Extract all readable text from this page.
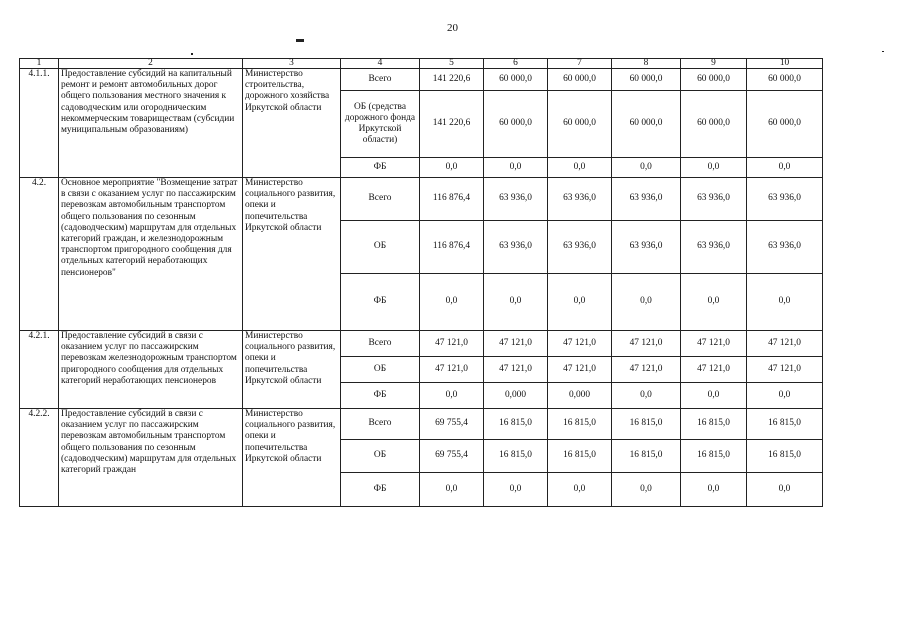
20
1	2	3	4	5	6	7	8	9	10
4.1.1.	Предоставление субсидий на капитальный ремонт и ремонт автомобильных дорог общего пользования местного значения к садоводческим или огородническим некоммерческим товариществам (субсидии муниципальным образованиям)	Министерство строительства, дорожного хозяйства Иркутской области	Всего	141 220,6	60 000,0	60 000,0	60 000,0	60 000,0	60 000,0
			ОБ (средства дорожного фонда Иркутской области)	141 220,6	60 000,0	60 000,0	60 000,0	60 000,0	60 000,0
			ФБ	0,0	0,0	0,0	0,0	0,0	0,0
4.2.	Основное мероприятие "Возмещение затрат в связи с оказанием услуг по пассажирским перевозкам автомобильным транспортом общего пользования по сезонным (садоводческим) маршрутам для отдельных категорий граждан, и железнодорожным транспортом пригородного сообщения для отдельных категорий неработающих пенсионеров"	Министерство социального развития, опеки и попечительства Иркутской области	Всего	116 876,4	63 936,0	63 936,0	63 936,0	63 936,0	63 936,0
			ОБ	116 876,4	63 936,0	63 936,0	63 936,0	63 936,0	63 936,0
			ФБ	0,0	0,0	0,0	0,0	0,0	0,0
4.2.1.	Предоставление субсидий в связи с оказанием услуг по пассажирским перевозкам железнодорожным транспортом пригородного сообщения для отдельных категорий неработающих пенсионеров	Министерство социального развития, опеки и попечительства Иркутской области	Всего	47 121,0	47 121,0	47 121,0	47 121,0	47 121,0	47 121,0
			ОБ	47 121,0	47 121,0	47 121,0	47 121,0	47 121,0	47 121,0
			ФБ	0,0	0,000	0,000	0,0	0,0	0,0
4.2.2.	Предоставление субсидий в связи с оказанием услуг по пассажирским перевозкам автомобильным транспортом общего пользования по сезонным (садоводческим) маршрутам для отдельных категорий граждан	Министерство социального развития, опеки и попечительства Иркутской области	Всего	69 755,4	16 815,0	16 815,0	16 815,0	16 815,0	16 815,0
			ОБ	69 755,4	16 815,0	16 815,0	16 815,0	16 815,0	16 815,0
			ФБ	0,0	0,0	0,0	0,0	0,0	0,0
